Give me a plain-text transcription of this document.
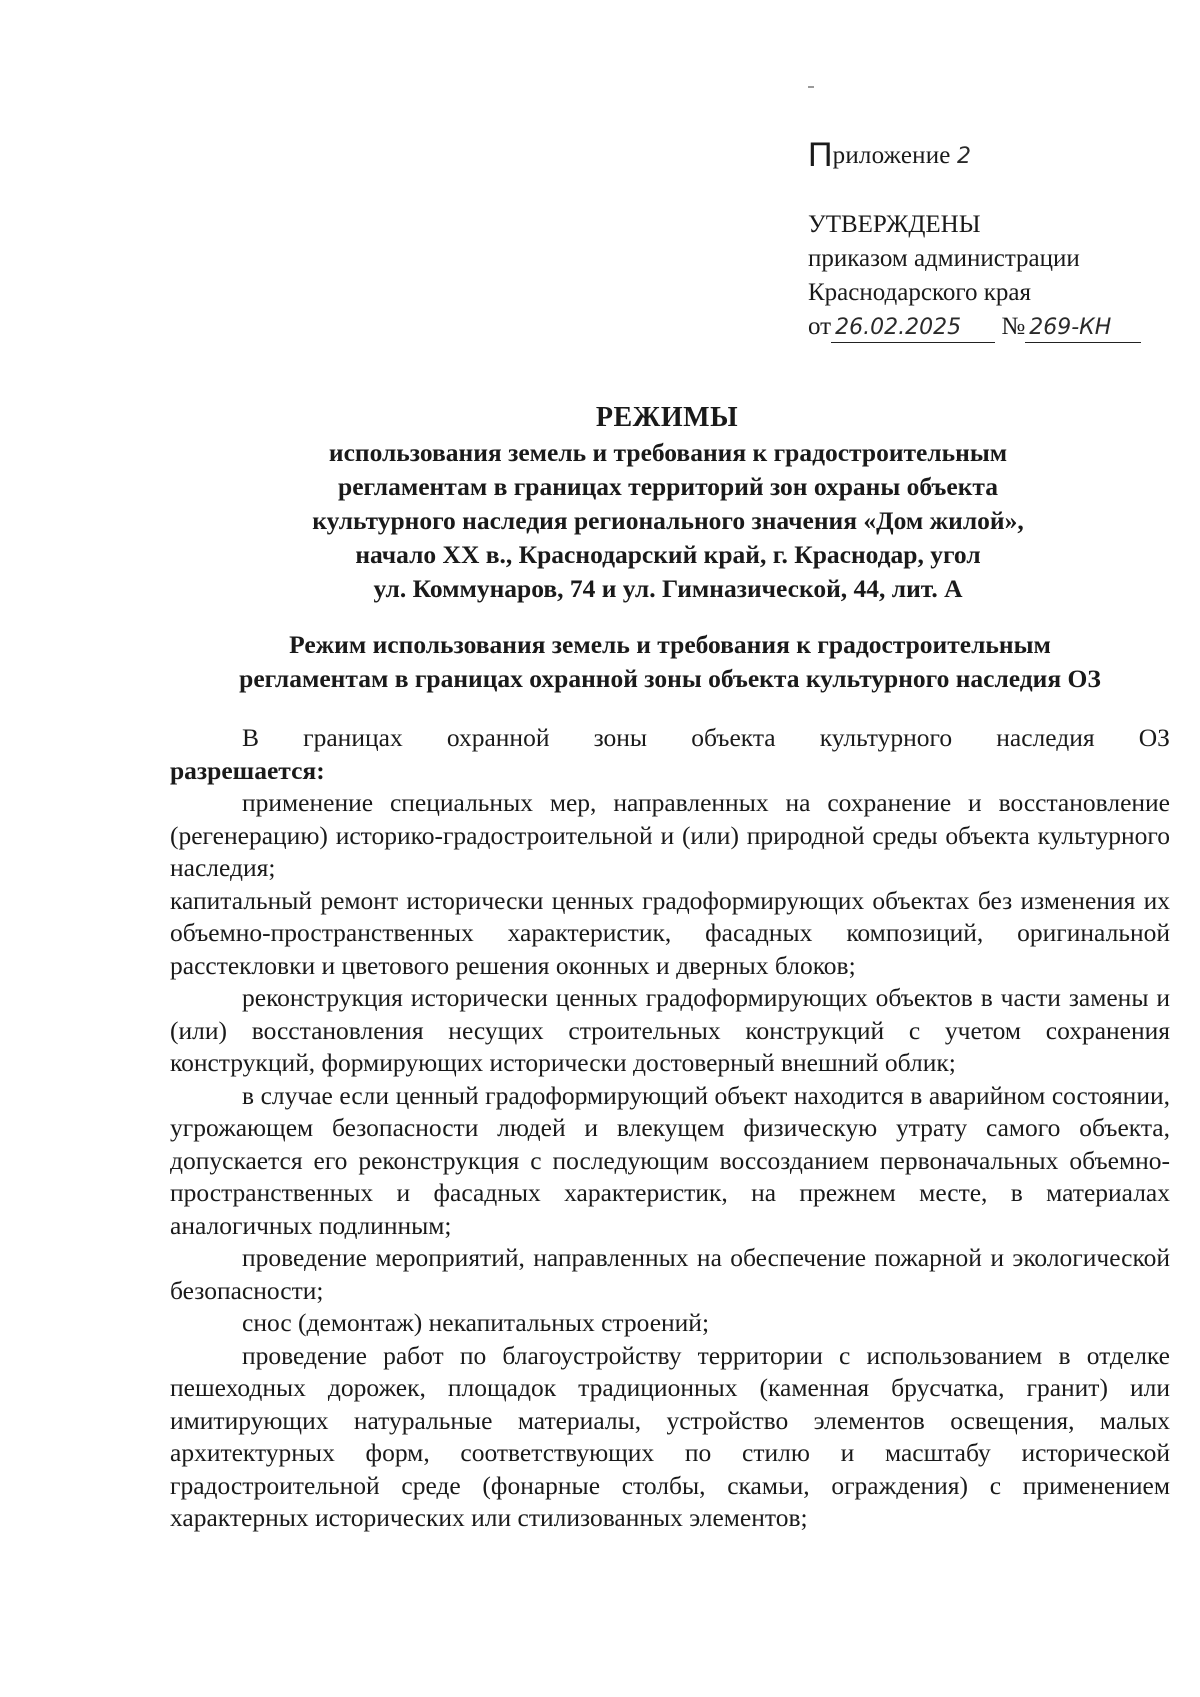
Приложение 2
УТВЕРЖДЕНЫ
приказом администрации
Краснодарского края
от 26.02.2025 № 269-КН
РЕЖИМЫ
использования земель и требования к градостроительным
регламентам в границах территорий зон охраны объекта
культурного наследия регионального значения «Дом жилой»,
начало XX в., Краснодарский край, г. Краснодар, угол
ул. Коммунаров, 74 и ул. Гимназической, 44, лит. А
Режим использования земель и требования к градостроительным
регламентам в границах охранной зоны объекта культурного наследия ОЗ
В границах охранной зоны объекта культурного наследия ОЗ

разрешается:

применение специальных мер, направленных на сохранение и восстановление (регенерацию) историко-градостроительной и (или) природной среды объекта культурного наследия;

капитальный ремонт исторически ценных градоформирующих объектах без изменения их объемно-пространственных характеристик, фасадных композиций, оригинальной расстекловки и цветового решения оконных и дверных блоков;

реконструкция исторически ценных градоформирующих объектов в части замены и (или) восстановления несущих строительных конструкций с учетом сохранения конструкций, формирующих исторически достоверный внешний облик;

в случае если ценный градоформирующий объект находится в аварийном состоянии, угрожающем безопасности людей и влекущем физическую утрату самого объекта, допускается его реконструкция с последующим воссозданием первоначальных объемно-пространственных и фасадных характеристик, на прежнем месте, в материалах аналогичных подлинным;

проведение мероприятий, направленных на обеспечение пожарной и экологической безопасности;

снос (демонтаж) некапитальных строений;

проведение работ по благоустройству территории с использованием в отделке пешеходных дорожек, площадок традиционных (каменная брусчатка, гранит) или имитирующих натуральные материалы, устройство элементов освещения, малых архитектурных форм, соответствующих по стилю и масштабу исторической градостроительной среде (фонарные столбы, скамьи, ограждения) с применением характерных исторических или стилизованных элементов;
